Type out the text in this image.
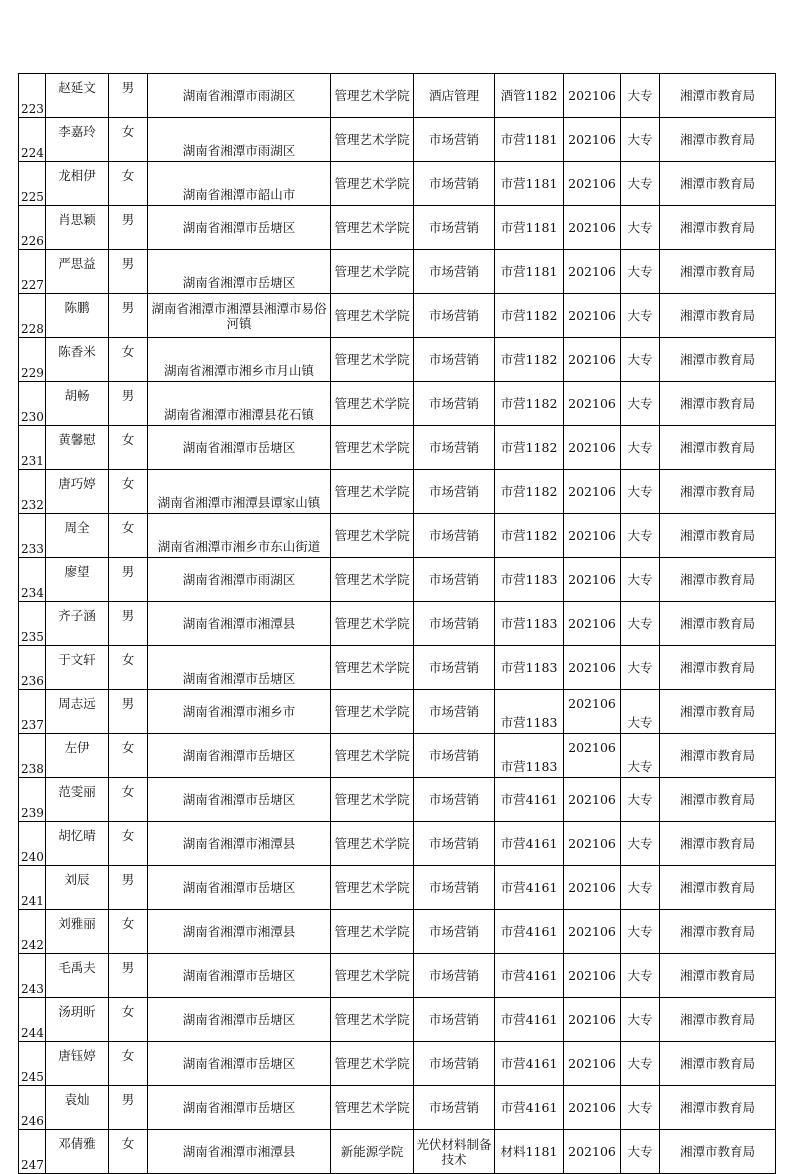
223	赵延文	男	湖南省湘潭市雨湖区	管理艺术学院	酒店管理	酒管1182	202106	大专	湘潭市教育局
224	李嘉玲	女	湖南省湘潭市雨湖区	管理艺术学院	市场营销	市营1181	202106	大专	湘潭市教育局
225	龙相伊	女	湖南省湘潭市韶山市	管理艺术学院	市场营销	市营1181	202106	大专	湘潭市教育局
226	肖思颖	男	湖南省湘潭市岳塘区	管理艺术学院	市场营销	市营1181	202106	大专	湘潭市教育局
227	严思益	男	湖南省湘潭市岳塘区	管理艺术学院	市场营销	市营1181	202106	大专	湘潭市教育局
228	陈鹏	男	湖南省湘潭市湘潭县湘潭市易俗河镇	管理艺术学院	市场营销	市营1182	202106	大专	湘潭市教育局
229	陈香米	女	湖南省湘潭市湘乡市月山镇	管理艺术学院	市场营销	市营1182	202106	大专	湘潭市教育局
230	胡畅	男	湖南省湘潭市湘潭县花石镇	管理艺术学院	市场营销	市营1182	202106	大专	湘潭市教育局
231	黄馨慰	女	湖南省湘潭市岳塘区	管理艺术学院	市场营销	市营1182	202106	大专	湘潭市教育局
232	唐巧婷	女	湖南省湘潭市湘潭县谭家山镇	管理艺术学院	市场营销	市营1182	202106	大专	湘潭市教育局
233	周全	女	湖南省湘潭市湘乡市东山街道	管理艺术学院	市场营销	市营1182	202106	大专	湘潭市教育局
234	廖望	男	湖南省湘潭市雨湖区	管理艺术学院	市场营销	市营1183	202106	大专	湘潭市教育局
235	齐子涵	男	湖南省湘潭市湘潭县	管理艺术学院	市场营销	市营1183	202106	大专	湘潭市教育局
236	于文轩	女	湖南省湘潭市岳塘区	管理艺术学院	市场营销	市营1183	202106	大专	湘潭市教育局
237	周志远	男	湖南省湘潭市湘乡市	管理艺术学院	市场营销	市营1183	202106	大专	湘潭市教育局
238	左伊	女	湖南省湘潭市岳塘区	管理艺术学院	市场营销	市营1183	202106	大专	湘潭市教育局
239	范雯丽	女	湖南省湘潭市岳塘区	管理艺术学院	市场营销	市营4161	202106	大专	湘潭市教育局
240	胡忆晴	女	湖南省湘潭市湘潭县	管理艺术学院	市场营销	市营4161	202106	大专	湘潭市教育局
241	刘辰	男	湖南省湘潭市岳塘区	管理艺术学院	市场营销	市营4161	202106	大专	湘潭市教育局
242	刘雅丽	女	湖南省湘潭市湘潭县	管理艺术学院	市场营销	市营4161	202106	大专	湘潭市教育局
243	毛禹夫	男	湖南省湘潭市岳塘区	管理艺术学院	市场营销	市营4161	202106	大专	湘潭市教育局
244	汤玥昕	女	湖南省湘潭市岳塘区	管理艺术学院	市场营销	市营4161	202106	大专	湘潭市教育局
245	唐钰婷	女	湖南省湘潭市岳塘区	管理艺术学院	市场营销	市营4161	202106	大专	湘潭市教育局
246	袁灿	男	湖南省湘潭市岳塘区	管理艺术学院	市场营销	市营4161	202106	大专	湘潭市教育局
247	邓倩雅	女	湖南省湘潭市湘潭县	新能源学院	光伏材料制备技术	材料1181	202106	大专	湘潭市教育局
